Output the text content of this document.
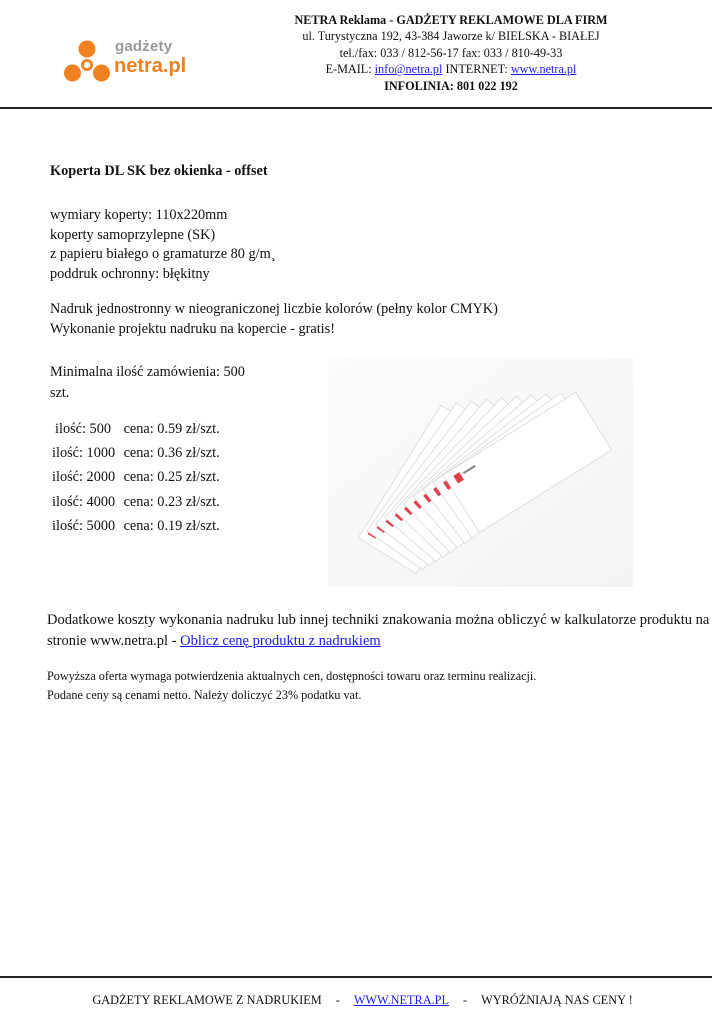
gadżety
netra.pl
NETRA Reklama - GADŻETY REKLAMOWE DLA FIRM
ul. Turystyczna 192, 43-384 Jaworze k/ BIELSKA - BIAŁEJ
tel./fax: 033 / 812-56-17 fax: 033 / 810-49-33
E-MAIL: info@netra.pl INTERNET: www.netra.pl
INFOLINIA: 801 022 192
Koperta DL SK bez okienka - offset
wymiary koperty: 110x220mm
koperty samoprzylepne (SK)
z papieru białego o gramaturze 80 g/m¸
poddruk ochronny: błękitny
Nadruk jednostronny w nieograniczonej liczbie kolorów (pełny kolor CMYK)
Wykonanie projektu nadruku na kopercie - gratis!
Minimalna ilość zamówienia: 500 szt.
ilość: 500 cena: 0.59 zł/szt.
ilość: 1000 cena: 0.36 zł/szt.
ilość: 2000 cena: 0.25 zł/szt.
ilość: 4000 cena: 0.23 zł/szt.
ilość: 5000 cena: 0.19 zł/szt.
Dodatkowe koszty wykonania nadruku lub innej techniki znakowania można obliczyć w kalkulatorze produktu na stronie www.netra.pl - Oblicz cenę produktu z nadrukiem
Powyższa oferta wymaga potwierdzenia aktualnych cen, dostępności towaru oraz terminu realizacji.
Podane ceny są cenami netto. Należy doliczyć 23% podatku vat.
GADŻETY REKLAMOWE Z NADRUKIEM - WWW.NETRA.PL - WYRÓŻNIAJĄ NAS CENY !
